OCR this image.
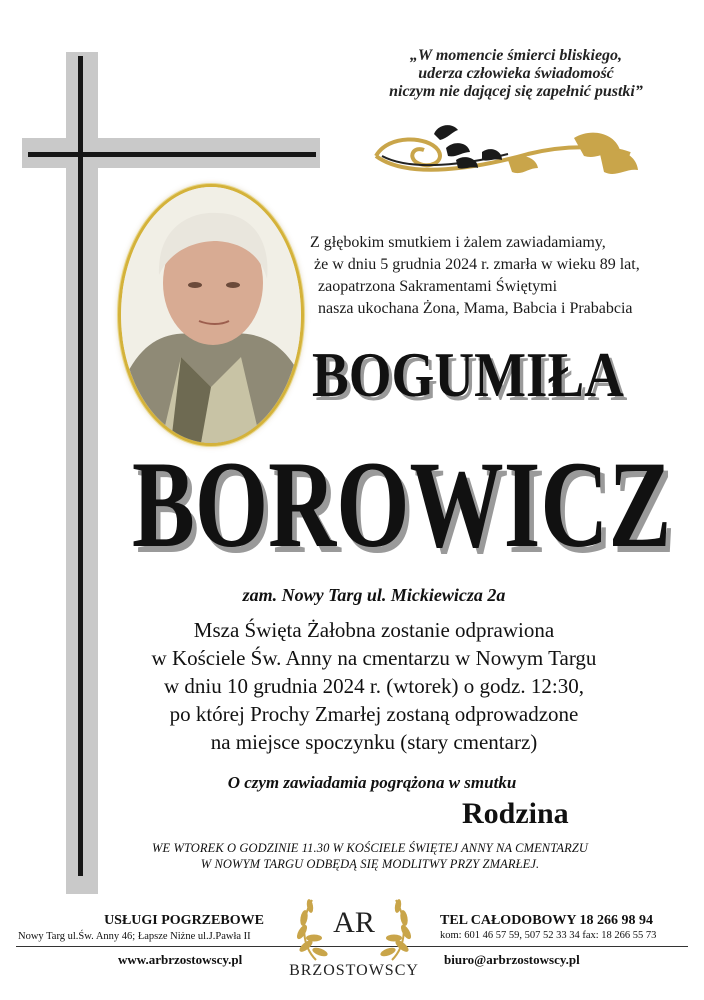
„W momencie śmierci bliskiego,
uderza człowieka świadomość
niczym nie dającej się zapełnić pustki”
Z głębokim smutkiem i żalem zawiadamiamy,
że w dniu 5 grudnia 2024 r. zmarła w wieku 89 lat,
zaopatrzona Sakramentami Świętymi
nasza ukochana Żona, Mama, Babcia i Prababcia
BOGUMIŁA
BOROWICZ
zam. Nowy Targ ul. Mickiewicza 2a
Msza Święta Żałobna zostanie odprawiona
w Kościele Św. Anny na cmentarzu w Nowym Targu
w dniu 10 grudnia 2024 r. (wtorek) o godz. 12:30,
po której Prochy Zmarłej zostaną odprowadzone
na miejsce spoczynku (stary cmentarz)
O czym zawiadamia pogrążona w smutku
Rodzina
WE WTOREK O GODZINIE 11.30 W KOŚCIELE ŚWIĘTEJ ANNY NA CMENTARZU
W NOWYM TARGU ODBĘDĄ SIĘ MODLITWY PRZY ZMARŁEJ.
USŁUGI POGRZEBOWE
Nowy Targ ul.Św. Anny 46; Łapsze Niżne ul.J.Pawła II
www.arbrzostowscy.pl
AR
BRZOSTOWSCY
TEL CAŁODOBOWY 18 266 98 94
kom: 601 46 57 59, 507 52 33 34 fax: 18 266 55 73
biuro@arbrzostowscy.pl
